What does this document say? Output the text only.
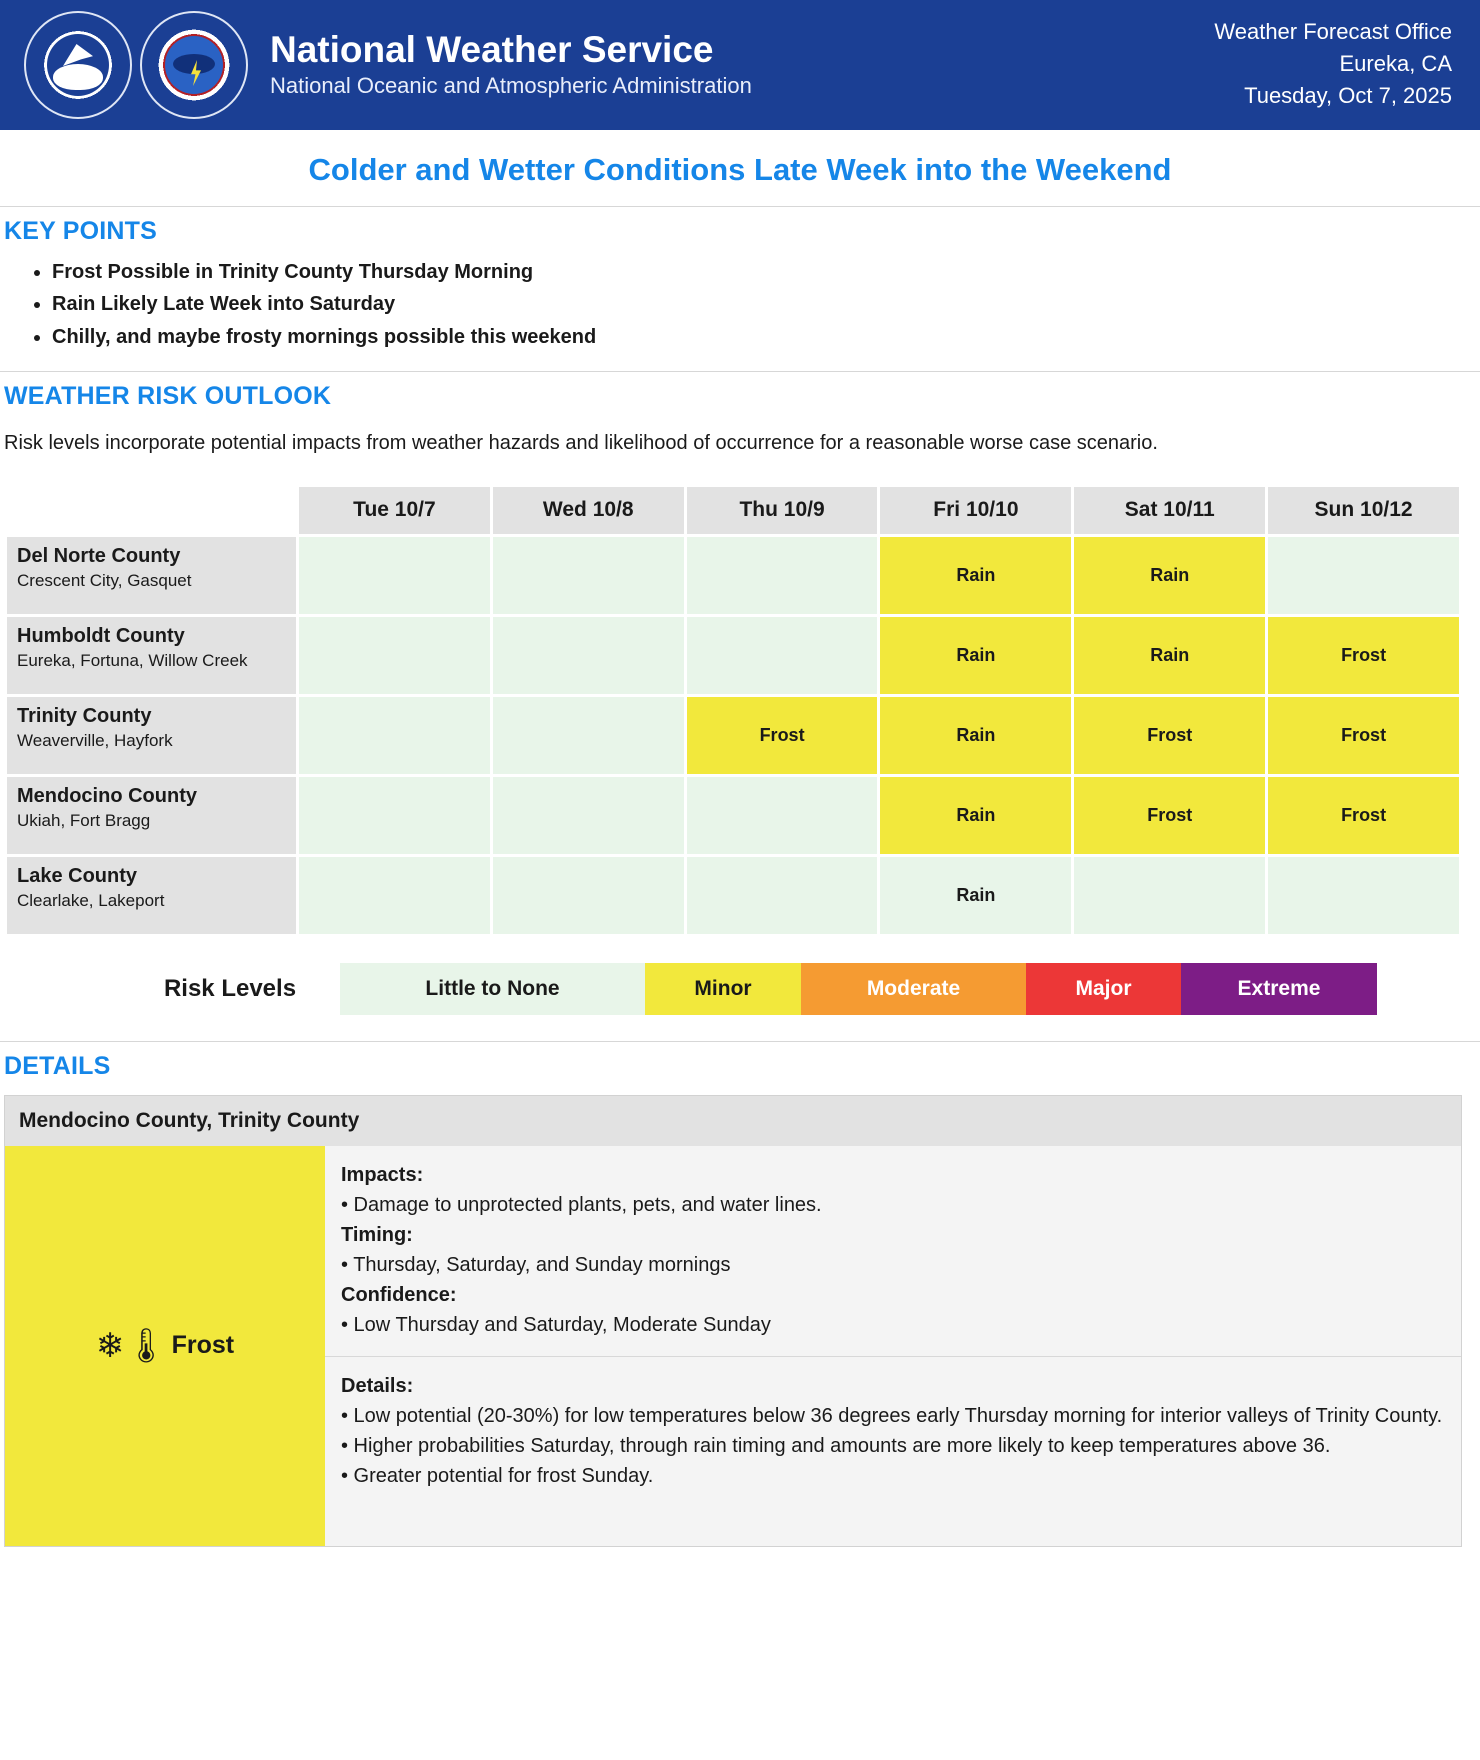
National Weather Service
National Oceanic and Atmospheric Administration
Weather Forecast Office
Eureka, CA
Tuesday, Oct 7, 2025
Colder and Wetter Conditions Late Week into the Weekend
KEY POINTS
• Frost Possible in Trinity County Thursday Morning
• Rain Likely Late Week into Saturday
• Chilly, and maybe frosty mornings possible this weekend
WEATHER RISK OUTLOOK
Risk levels incorporate potential impacts from weather hazards and likelihood of occurrence for a reasonable worse case scenario.
	Tue 10/7	Wed 10/8	Thu 10/9	Fri 10/10	Sat 10/11	Sun 10/12

Del Norte County
Crescent City, Gasquet				Rain	Rain	

Humboldt County
Eureka, Fortuna, Willow Creek				Rain	Rain	Frost

Trinity County
Weaverville, Hayfork			Frost	Rain	Frost	Frost

Mendocino County
Ukiah, Fort Bragg				Rain	Frost	Frost

Lake County
Clearlake, Lakeport				Rain		
Risk Levels	Little to None	Minor	Moderate	Major	Extreme
DETAILS
Mendocino County, Trinity County
❄🌡 Frost
Impacts:
• Damage to unprotected plants, pets, and water lines.
Timing:
• Thursday, Saturday, and Sunday mornings
Confidence:
• Low Thursday and Saturday, Moderate Sunday
Details:
• Low potential (20-30%) for low temperatures below 36 degrees early Thursday morning for interior valleys of Trinity County.
• Higher probabilities Saturday, through rain timing and amounts are more likely to keep temperatures above 36.
• Greater potential for frost Sunday.
